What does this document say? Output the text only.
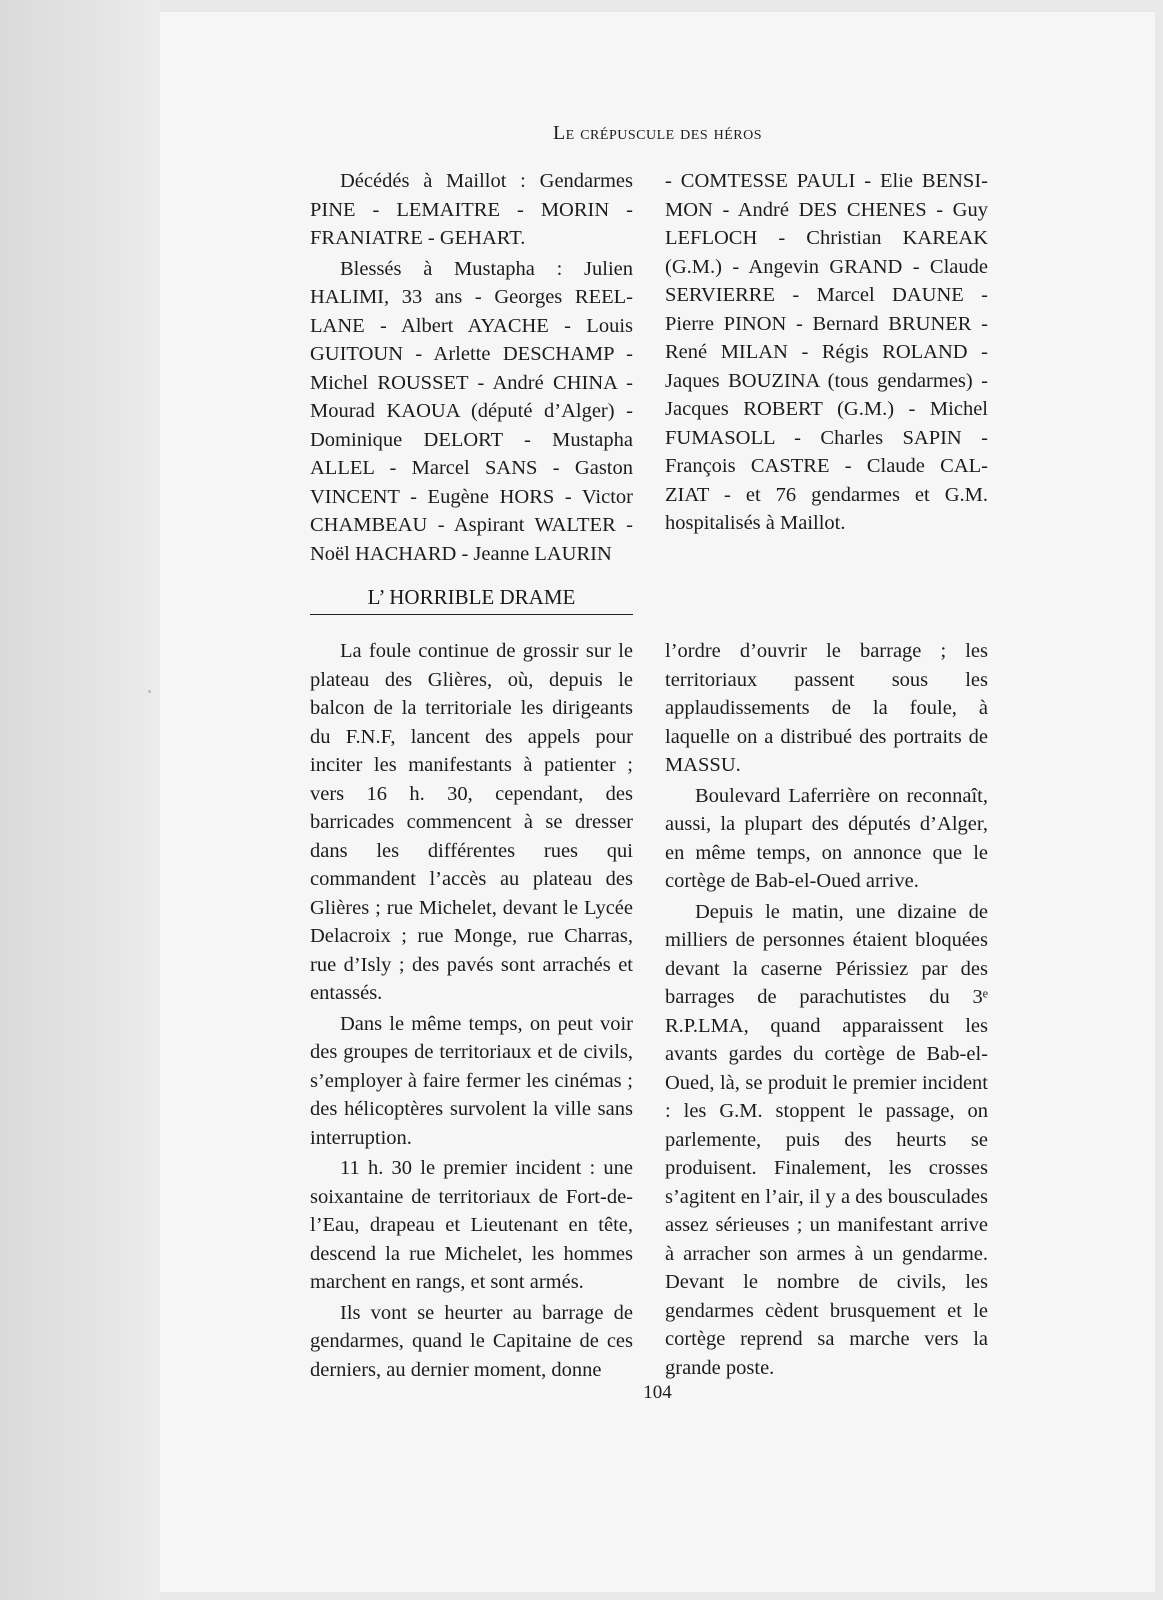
Le crépuscule des héros

Décédés à Maillot : Gendarmes PINE - LEMAITRE - MORIN - FRANIATRE - GEHART.

Blessés à Mustapha : Julien HALIMI, 33 ans - Georges REEL-LANE - Albert AYACHE - Louis GUITOUN - Arlette DESCHAMP - Michel ROUSSET - André CHINA - Mourad KAOUA (député d’Alger) - Dominique DELORT - Mustapha ALLEL - Marcel SANS - Gaston VINCENT - Eugène HORS - Victor CHAMBEAU - Aspirant WALTER - Noël HACHARD - Jeanne LAURIN

- COMTESSE PAULI - Elie BENSI-MON - André DES CHENES - Guy LEFLOCH - Christian KAREAK (G.M.) - Angevin GRAND - Claude SERVIERRE - Marcel DAUNE - Pierre PINON - Bernard BRUNER - René MILAN - Régis ROLAND - Jaques BOUZINA (tous gendarmes) - Jacques ROBERT (G.M.) - Michel FUMASOLL - Charles SAPIN - François CASTRE - Claude CAL-ZIAT - et 76 gendarmes et G.M. hospitalisés à Maillot.

L’ HORRIBLE DRAME

La foule continue de grossir sur le plateau des Glières, où, depuis le balcon de la territoriale les dirigeants du F.N.F, lancent des appels pour inciter les manifestants à patienter ; vers 16 h. 30, cependant, des barricades commencent à se dresser dans les différentes rues qui commandent l’accès au plateau des Glières ; rue Michelet, devant le Lycée Delacroix ; rue Monge, rue Charras, rue d’Isly ; des pavés sont arrachés et entassés.

Dans le même temps, on peut voir des groupes de territoriaux et de civils, s’employer à faire fermer les cinémas ; des hélicoptères survolent la ville sans interruption.

11 h. 30 le premier incident : une soixantaine de territoriaux de Fort-de-l’Eau, drapeau et Lieutenant en tête, descend la rue Michelet, les hommes marchent en rangs, et sont armés.

Ils vont se heurter au barrage de gendarmes, quand le Capitaine de ces derniers, au dernier moment, donne

l’ordre d’ouvrir le barrage ; les territoriaux passent sous les applaudissements de la foule, à laquelle on a distribué des portraits de MASSU.

Boulevard Laferrière on reconnaît, aussi, la plupart des députés d’Alger, en même temps, on annonce que le cortège de Bab-el-Oued arrive.

Depuis le matin, une dizaine de milliers de personnes étaient bloquées devant la caserne Périssiez par des barrages de parachutistes du 3ᵉ R.P.LMA, quand apparaissent les avants gardes du cortège de Bab-el-Oued, là, se produit le premier incident : les G.M. stoppent le passage, on parlemente, puis des heurts se produisent. Finalement, les crosses s’agitent en l’air, il y a des bousculades assez sérieuses ; un manifestant arrive à arracher son armes à un gendarme. Devant le nombre de civils, les gendarmes cèdent brusquement et le cortège reprend sa marche vers la grande poste.

104
